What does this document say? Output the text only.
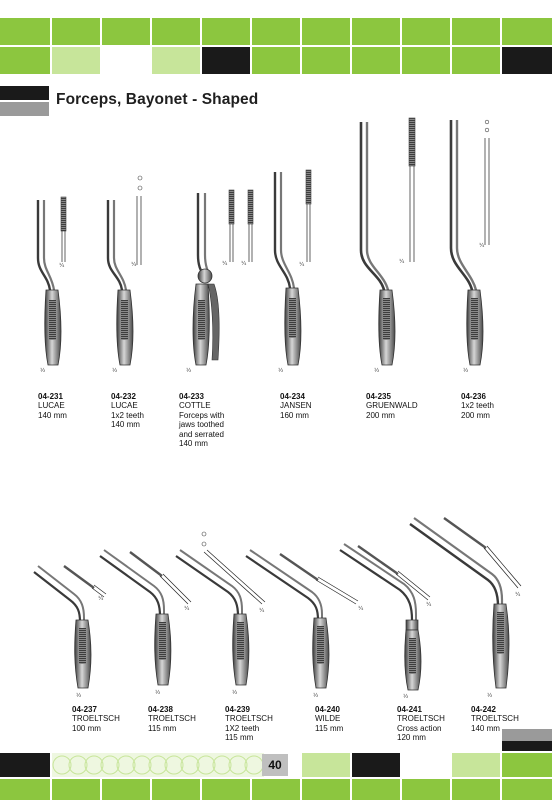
Forceps, Bayonet - Shaped
¼
½
¼
½
¼ ¼
½
¼
½
¼
½
¼
½
¼
½
¼
½
¼
½
¼
½
¼
½
¼
½
04-231
LUCAE
140 mm
04-232
LUCAE
1x2 teeth
140 mm
04-233
COTTLE
Forceps with
jaws toothed
and serrated
140 mm
04-234
JANSEN
160 mm
04-235
GRUENWALD
200 mm
04-236
1x2 teeth
200 mm
04-237
TROELTSCH
100 mm
04-238
TROELTSCH
115 mm
04-239
TROELTSCH
1X2 teeth
115 mm
04-240
WILDE
115 mm
04-241
TROELTSCH
Cross action
120 mm
04-242
TROELTSCH
140 mm
40
